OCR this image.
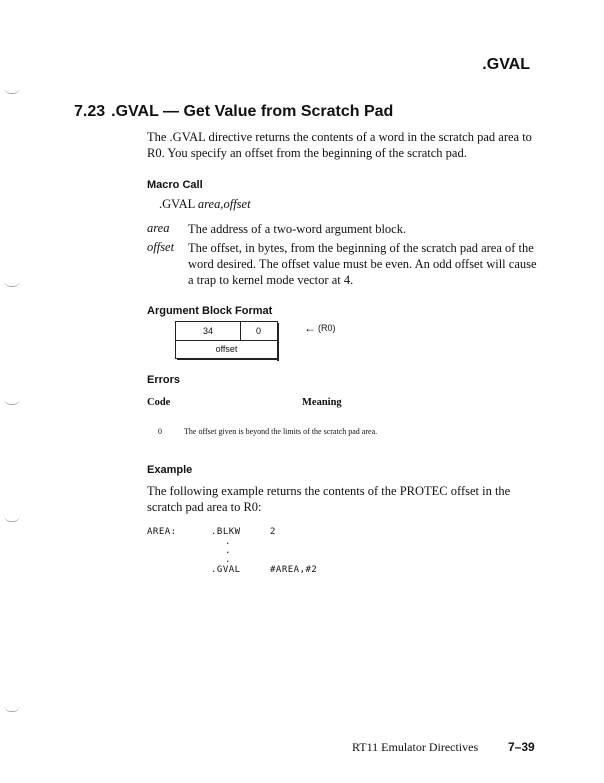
.GVAL
7.23 .GVAL — Get Value from Scratch Pad
The .GVAL directive returns the contents of a word in the scratch pad area to R0. You specify an offset from the beginning of the scratch pad.
Macro Call
.GVAL area,offset
area The address of a two-word argument block.
offset The offset, in bytes, from the beginning of the scratch pad area of the word desired. The offset value must be even. An odd offset will cause a trap to kernel mode vector at 4.
Argument Block Format
34	0
offset
← (R0)
Errors
Code	Meaning
0	The offset given is beyond the limits of the scratch pad area.
Example
The following example returns the contents of the PROTEC offset in the scratch pad area to R0:
AREA:	.BLKW	2
.
.
.
.GVAL	#AREA,#2
RT11 Emulator Directives 7–39
